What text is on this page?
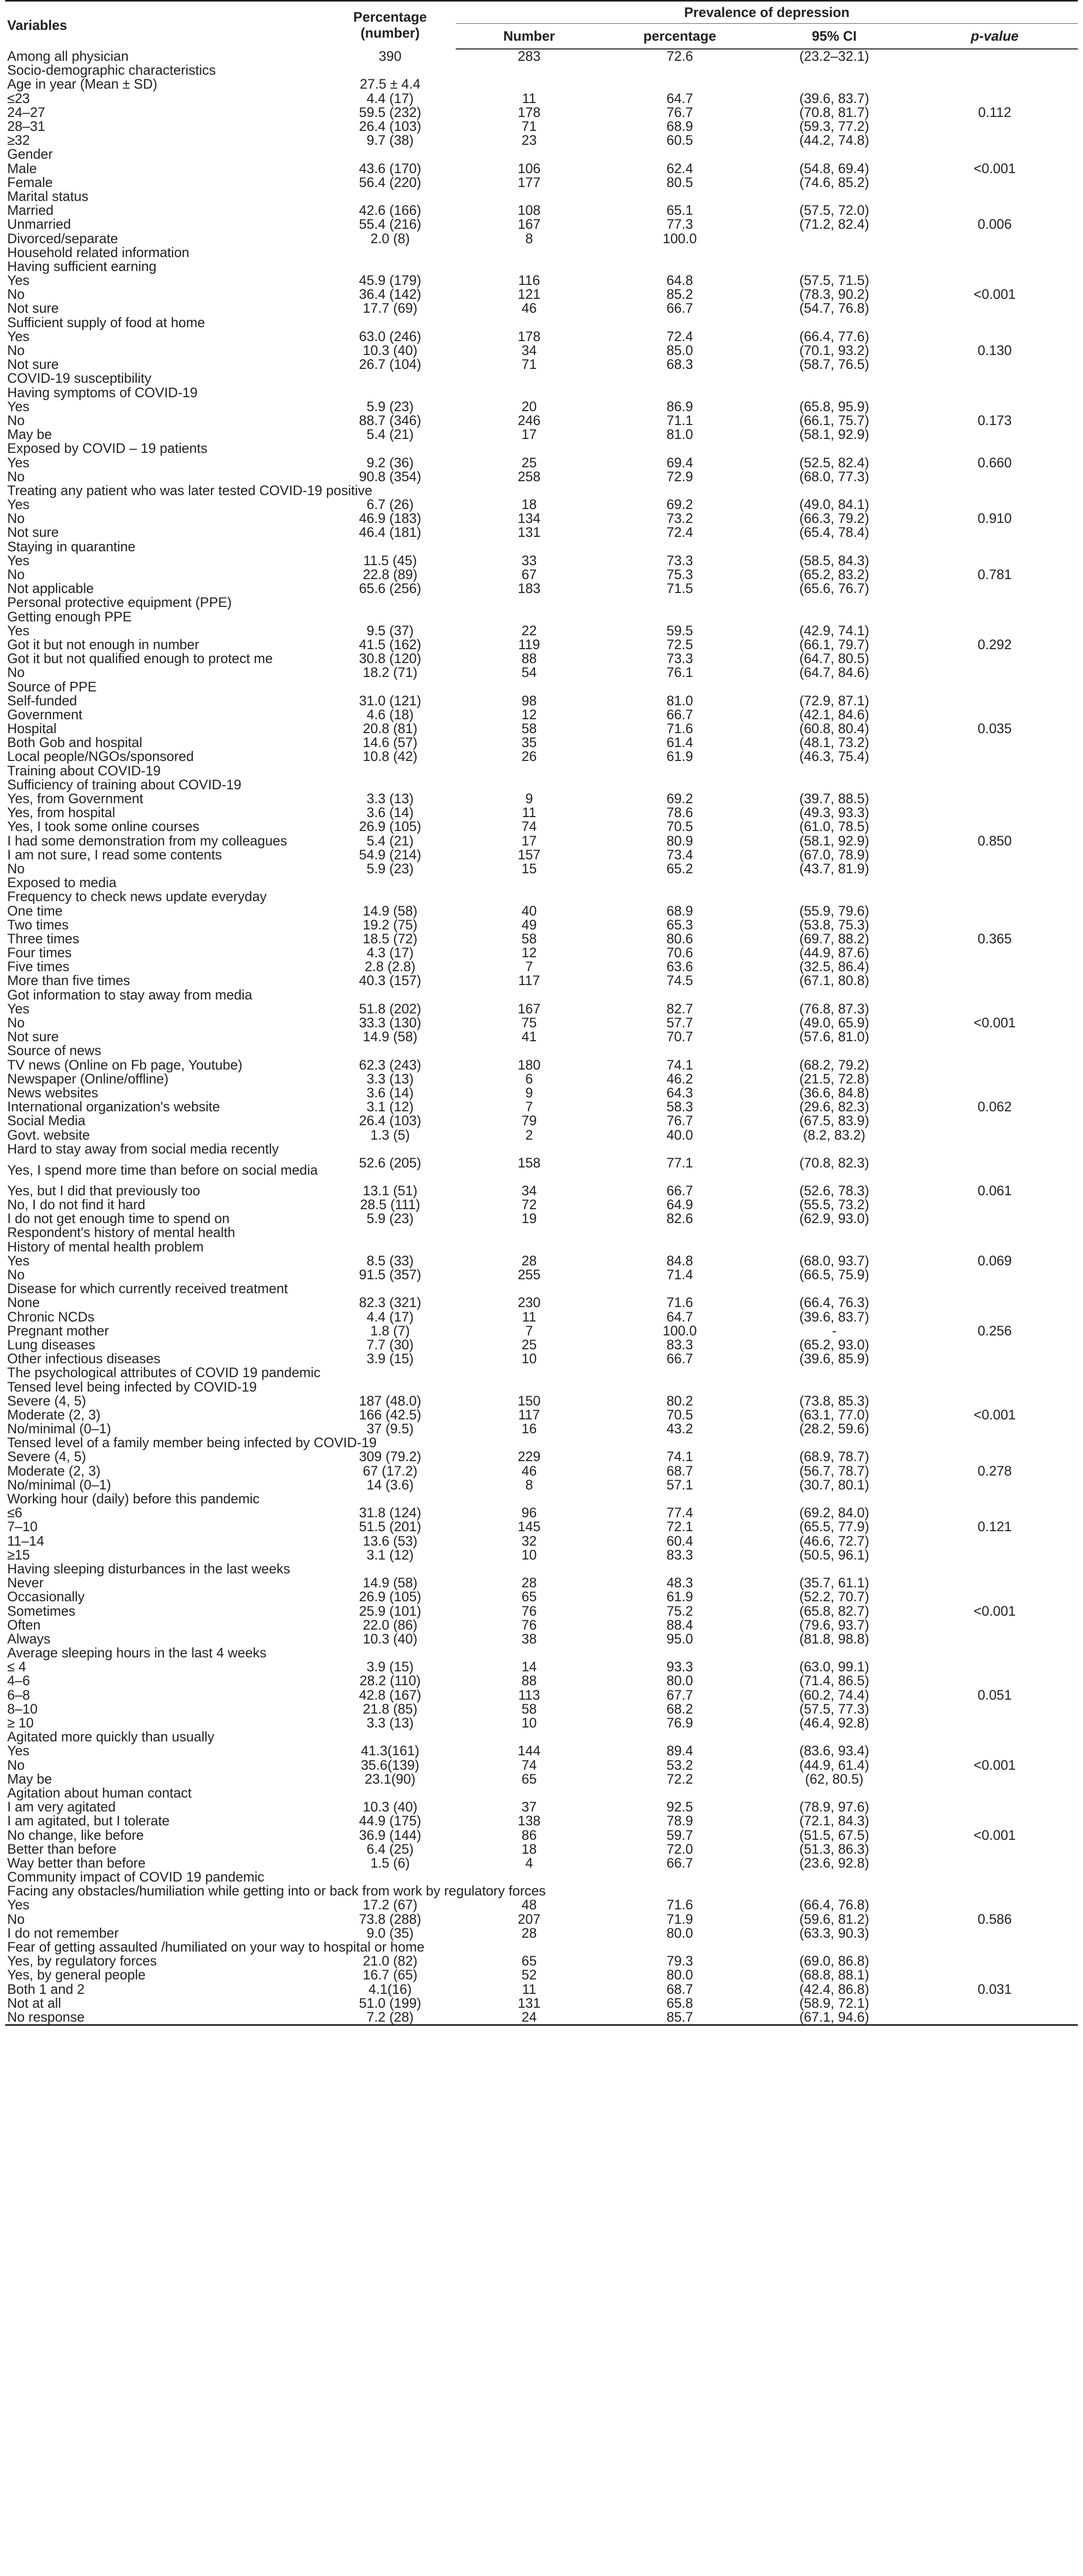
Variables	Percentage (number)	Prevalence of depression			
		Number	percentage	95% CI	p-value
Among all physician	390	283	72.6	(23.2–32.1)	
Socio-demographic characteristics					
Age in year (Mean ± SD)	27.5 ± 4.4				
≤23	4.4 (17)	11	64.7	(39.6, 83.7)	
24–27	59.5 (232)	178	76.7	(70.8, 81.7)	0.112
28–31	26.4 (103)	71	68.9	(59.3, 77.2)	
≥32	9.7 (38)	23	60.5	(44.2, 74.8)	
Gender					
Male	43.6 (170)	106	62.4	(54.8, 69.4)	<0.001
Female	56.4 (220)	177	80.5	(74.6, 85.2)	
Marital status					
Married	42.6 (166)	108	65.1	(57.5, 72.0)	
Unmarried	55.4 (216)	167	77.3	(71.2, 82.4)	0.006
Divorced/separate	2.0 (8)	8	100.0		
Household related information					
Having sufficient earning					
Yes	45.9 (179)	116	64.8	(57.5, 71.5)	
No	36.4 (142)	121	85.2	(78.3, 90.2)	<0.001
Not sure	17.7 (69)	46	66.7	(54.7, 76.8)	
Sufficient supply of food at home					
Yes	63.0 (246)	178	72.4	(66.4, 77.6)	
No	10.3 (40)	34	85.0	(70.1, 93.2)	0.130
Not sure	26.7 (104)	71	68.3	(58.7, 76.5)	
COVID-19 susceptibility					
Having symptoms of COVID-19					
Yes	5.9 (23)	20	86.9	(65.8, 95.9)	
No	88.7 (346)	246	71.1	(66.1, 75.7)	0.173
May be	5.4 (21)	17	81.0	(58.1, 92.9)	
Exposed by COVID – 19 patients					
Yes	9.2 (36)	25	69.4	(52.5, 82.4)	0.660
No	90.8 (354)	258	72.9	(68.0, 77.3)	
Treating any patient who was later tested COVID-19 positive					
Yes	6.7 (26)	18	69.2	(49.0, 84.1)	
No	46.9 (183)	134	73.2	(66.3, 79.2)	0.910
Not sure	46.4 (181)	131	72.4	(65.4, 78.4)	
Staying in quarantine					
Yes	11.5 (45)	33	73.3	(58.5, 84.3)	
No	22.8 (89)	67	75.3	(65.2, 83.2)	0.781
Not applicable	65.6 (256)	183	71.5	(65.6, 76.7)	
Personal protective equipment (PPE)					
Getting enough PPE					
Yes	9.5 (37)	22	59.5	(42.9, 74.1)	
Got it but not enough in number	41.5 (162)	119	72.5	(66.1, 79.7)	0.292
Got it but not qualified enough to protect me	30.8 (120)	88	73.3	(64.7, 80.5)	
No	18.2 (71)	54	76.1	(64.7, 84.6)	
Source of PPE					
Self-funded	31.0 (121)	98	81.0	(72.9, 87.1)	
Government	4.6 (18)	12	66.7	(42.1, 84.6)	
Hospital	20.8 (81)	58	71.6	(60.8, 80.4)	0.035
Both Gob and hospital	14.6 (57)	35	61.4	(48.1, 73.2)	
Local people/NGOs/sponsored	10.8 (42)	26	61.9	(46.3, 75.4)	
Training about COVID-19					
Sufficiency of training about COVID-19					
Yes, from Government	3.3 (13)	9	69.2	(39.7, 88.5)	
Yes, from hospital	3.6 (14)	11	78.6	(49.3, 93.3)	
Yes, I took some online courses	26.9 (105)	74	70.5	(61.0, 78.5)	
I had some demonstration from my colleagues	5.4 (21)	17	80.9	(58.1, 92.9)	0.850
I am not sure, I read some contents	54.9 (214)	157	73.4	(67.0, 78.9)	
No	5.9 (23)	15	65.2	(43.7, 81.9)	
Exposed to media					
Frequency to check news update everyday					
One time	14.9 (58)	40	68.9	(55.9, 79.6)	
Two times	19.2 (75)	49	65.3	(53.8, 75.3)	
Three times	18.5 (72)	58	80.6	(69.7, 88.2)	0.365
Four times	4.3 (17)	12	70.6	(44.9, 87.6)	
Five times	2.8 (2.8)	7	63.6	(32.5, 86.4)	
More than five times	40.3 (157)	117	74.5	(67.1, 80.8)	
Got information to stay away from media					
Yes	51.8 (202)	167	82.7	(76.8, 87.3)	
No	33.3 (130)	75	57.7	(49.0, 65.9)	<0.001
Not sure	14.9 (58)	41	70.7	(57.6, 81.0)	
Source of news					
TV news (Online on Fb page, Youtube)	62.3 (243)	180	74.1	(68.2, 79.2)	
Newspaper (Online/offline)	3.3 (13)	6	46.2	(21.5, 72.8)	
News websites	3.6 (14)	9	64.3	(36.6, 84.8)	
International organization's website	3.1 (12)	7	58.3	(29.6, 82.3)	0.062
Social Media	26.4 (103)	79	76.7	(67.5, 83.9)	
Govt. website	1.3 (5)	2	40.0	(8.2, 83.2)	
Hard to stay away from social media recently					
Yes, I spend more time than before on social media	52.6 (205)	158	77.1	(70.8, 82.3)	
Yes, but I did that previously too	13.1 (51)	34	66.7	(52.6, 78.3)	0.061
No, I do not find it hard	28.5 (111)	72	64.9	(55.5, 73.2)	
I do not get enough time to spend on	5.9 (23)	19	82.6	(62.9, 93.0)	
Respondent's history of mental health					
History of mental health problem					
Yes	8.5 (33)	28	84.8	(68.0, 93.7)	0.069
No	91.5 (357)	255	71.4	(66.5, 75.9)	
Disease for which currently received treatment					
None	82.3 (321)	230	71.6	(66.4, 76.3)	
Chronic NCDs	4.4 (17)	11	64.7	(39.6, 83.7)	
Pregnant mother	1.8 (7)	7	100.0	-	0.256
Lung diseases	7.7 (30)	25	83.3	(65.2, 93.0)	
Other infectious diseases	3.9 (15)	10	66.7	(39.6, 85.9)	
The psychological attributes of COVID 19 pandemic					
Tensed level being infected by COVID-19					
Severe (4, 5)	187 (48.0)	150	80.2	(73.8, 85.3)	
Moderate (2, 3)	166 (42.5)	117	70.5	(63.1, 77.0)	<0.001
No/minimal (0–1)	37 (9.5)	16	43.2	(28.2, 59.6)	
Tensed level of a family member being infected by COVID-19					
Severe (4, 5)	309 (79.2)	229	74.1	(68.9, 78.7)	
Moderate (2, 3)	67 (17.2)	46	68.7	(56.7, 78.7)	0.278
No/minimal (0–1)	14 (3.6)	8	57.1	(30.7, 80.1)	
Working hour (daily) before this pandemic					
≤6	31.8 (124)	96	77.4	(69.2, 84.0)	
7–10	51.5 (201)	145	72.1	(65.5, 77.9)	0.121
11–14	13.6 (53)	32	60.4	(46.6, 72.7)	
≥15	3.1 (12)	10	83.3	(50.5, 96.1)	
Having sleeping disturbances in the last weeks					
Never	14.9 (58)	28	48.3	(35.7, 61.1)	
Occasionally	26.9 (105)	65	61.9	(52.2, 70.7)	
Sometimes	25.9 (101)	76	75.2	(65.8, 82.7)	<0.001
Often	22.0 (86)	76	88.4	(79.6, 93.7)	
Always	10.3 (40)	38	95.0	(81.8, 98.8)	
Average sleeping hours in the last 4 weeks					
≤ 4	3.9 (15)	14	93.3	(63.0, 99.1)	
4–6	28.2 (110)	88	80.0	(71.4, 86.5)	
6–8	42.8 (167)	113	67.7	(60.2, 74.4)	0.051
8–10	21.8 (85)	58	68.2	(57.5, 77.3)	
≥ 10	3.3 (13)	10	76.9	(46.4, 92.8)	
Agitated more quickly than usually					
Yes	41.3(161)	144	89.4	(83.6, 93.4)	
No	35.6(139)	74	53.2	(44.9, 61.4)	<0.001
May be	23.1(90)	65	72.2	(62, 80.5)	
Agitation about human contact					
I am very agitated	10.3 (40)	37	92.5	(78.9, 97.6)	
I am agitated, but I tolerate	44.9 (175)	138	78.9	(72.1, 84.3)	
No change, like before	36.9 (144)	86	59.7	(51.5, 67.5)	<0.001
Better than before	6.4 (25)	18	72.0	(51.3, 86.3)	
Way better than before	1.5 (6)	4	66.7	(23.6, 92.8)	
Community impact of COVID 19 pandemic					
Facing any obstacles/humiliation while getting into or back from work by regulatory forces					
Yes	17.2 (67)	48	71.6	(66.4, 76.8)	
No	73.8 (288)	207	71.9	(59.6, 81.2)	0.586
I do not remember	9.0 (35)	28	80.0	(63.3, 90.3)	
Fear of getting assaulted /humiliated on your way to hospital or home					
Yes, by regulatory forces	21.0 (82)	65	79.3	(69.0, 86.8)	
Yes, by general people	16.7 (65)	52	80.0	(68.8, 88.1)	
Both 1 and 2	4.1(16)	11	68.7	(42.4, 86.8)	0.031
Not at all	51.0 (199)	131	65.8	(58.9, 72.1)	
No response	7.2 (28)	24	85.7	(67.1, 94.6)	
